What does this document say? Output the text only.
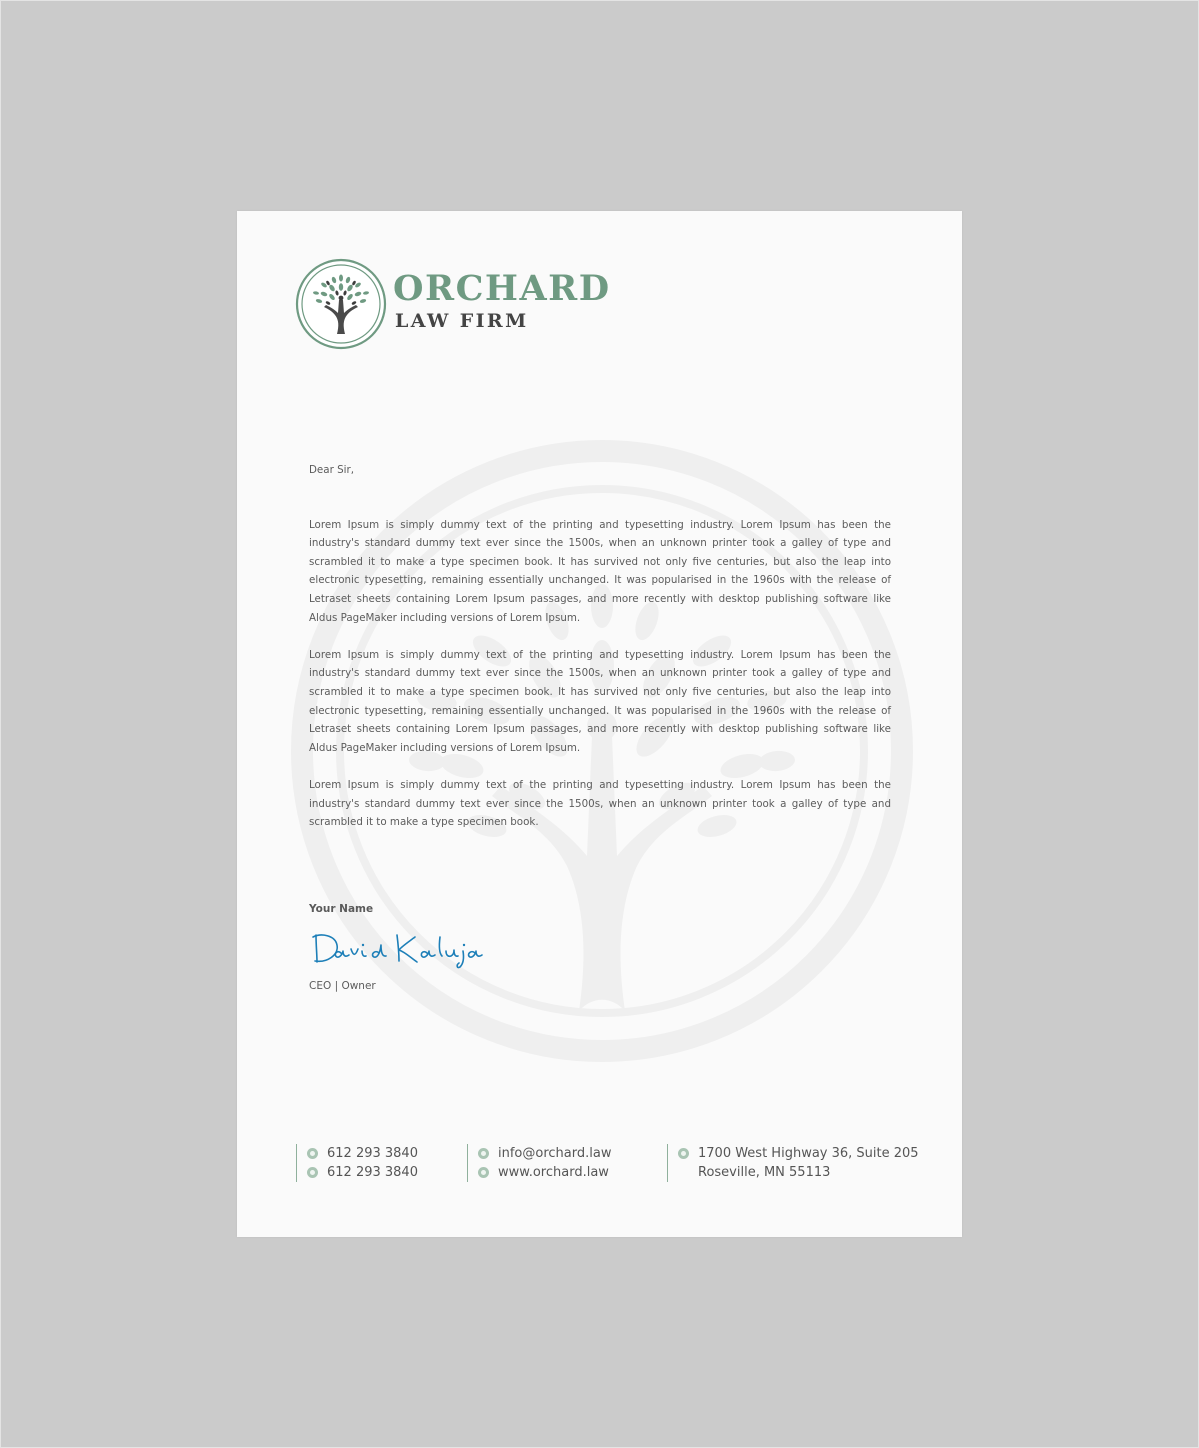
ORCHARD
LAW FIRM

Dear Sir,

Lorem Ipsum is simply dummy text of the printing and typesetting industry. Lorem Ipsum has been the industry's standard dummy text ever since the 1500s, when an unknown printer took a galley of type and scrambled it to make a type specimen book. It has survived not only five centuries, but also the leap into electronic typesetting, remaining essentially unchanged. It was popularised in the 1960s with the release of Letraset sheets containing Lorem Ipsum passages, and more recently with desktop publishing software like Aldus PageMaker including versions of Lorem Ipsum.

Lorem Ipsum is simply dummy text of the printing and typesetting industry. Lorem Ipsum has been the industry's standard dummy text ever since the 1500s, when an unknown printer took a galley of type and scrambled it to make a type specimen book. It has survived not only five centuries, but also the leap into electronic typesetting, remaining essentially unchanged. It was popularised in the 1960s with the release of Letraset sheets containing Lorem Ipsum passages, and more recently with desktop publishing software like Aldus PageMaker including versions of Lorem Ipsum.

Lorem Ipsum is simply dummy text of the printing and typesetting industry. Lorem Ipsum has been the industry's standard dummy text ever since the 1500s, when an unknown printer took a galley of type and scrambled it to make a type specimen book.

Your Name

CEO | Owner

612 293 3840
612 293 3840
info@orchard.law
www.orchard.law
1700 West Highway 36, Suite 205
Roseville, MN 55113
